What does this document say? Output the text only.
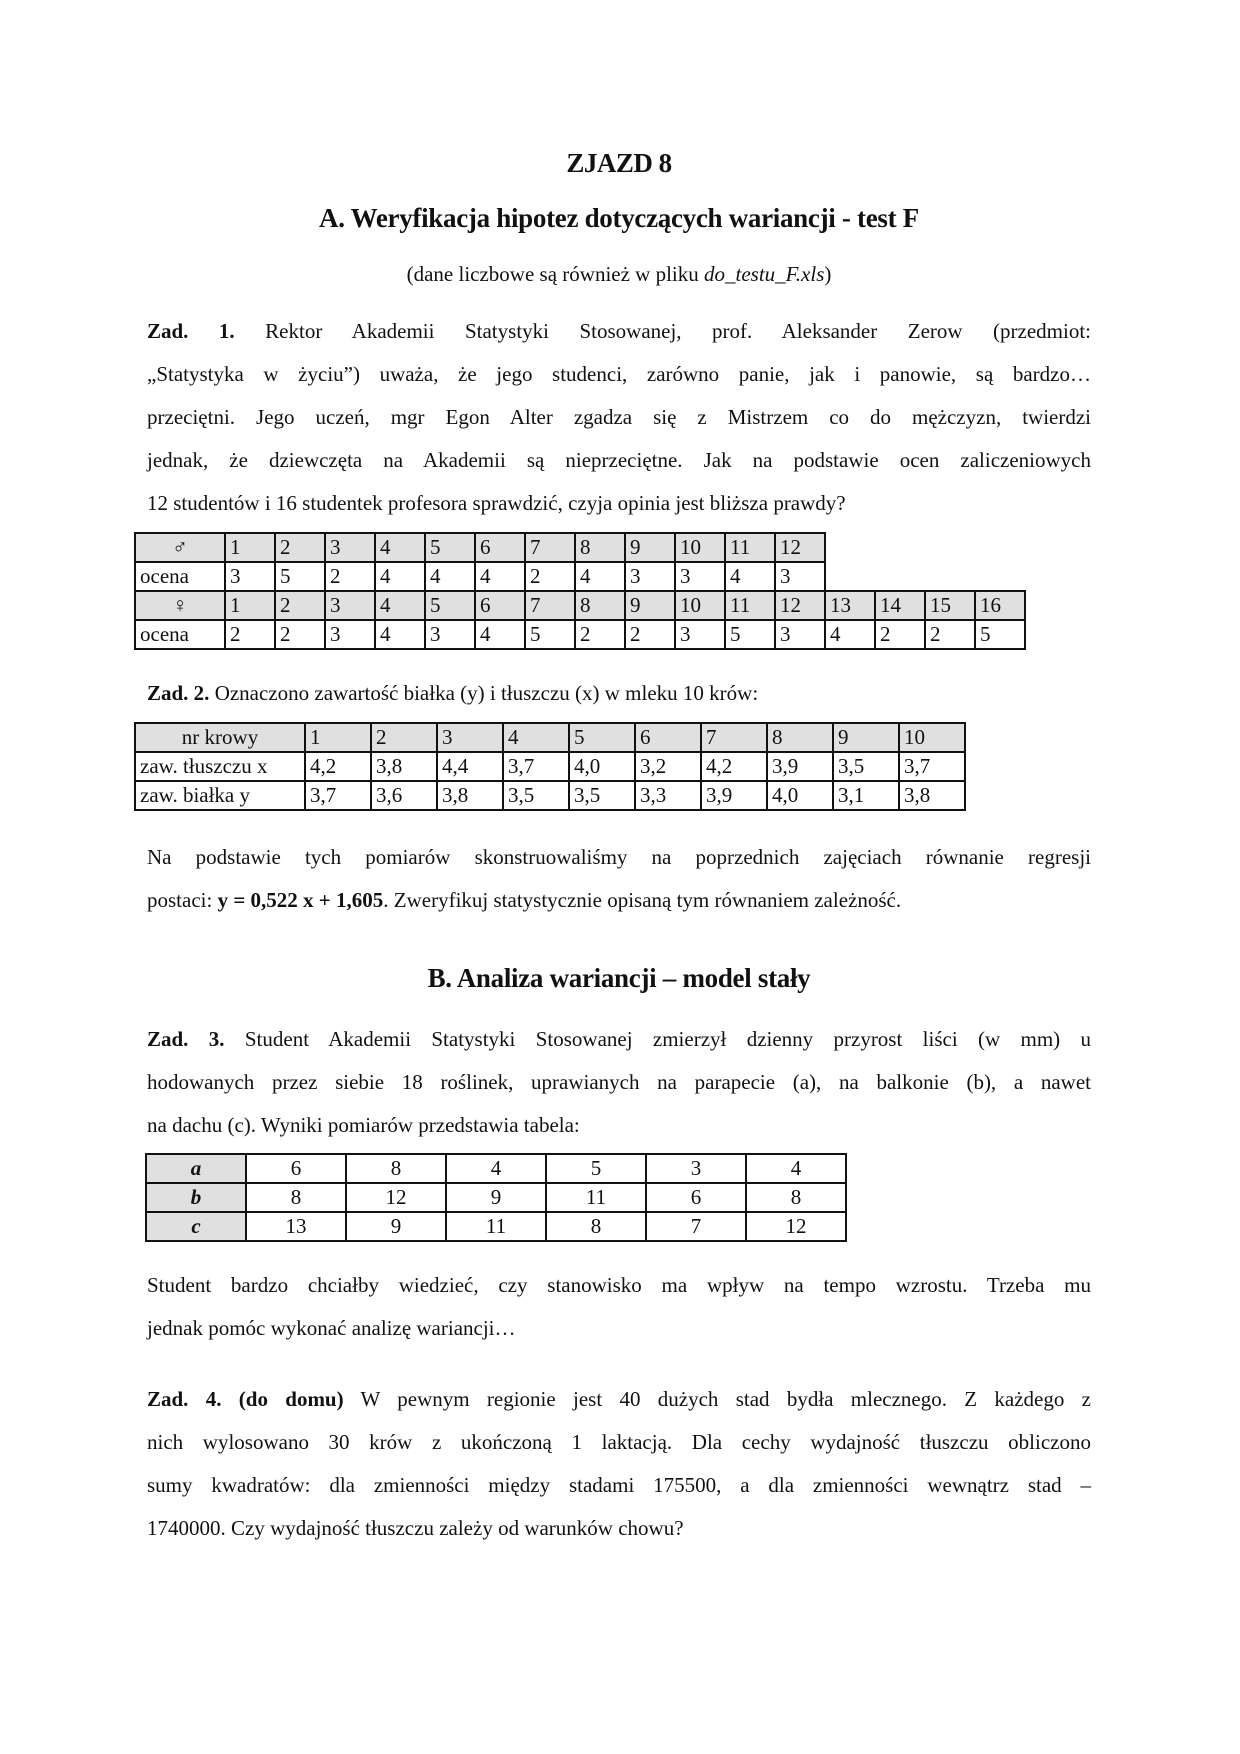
ZJAZD 8
A. Weryfikacja hipotez dotyczących wariancji - test F
(dane liczbowe są również w pliku do_testu_F.xls)
Zad. 1. Rektor Akademii Statystyki Stosowanej, prof. Aleksander Zerow (przedmiot:
„Statystyka w życiu”) uważa, że jego studenci, zarówno panie, jak i panowie, są bardzo…
przeciętni. Jego uczeń, mgr Egon Alter zgadza się z Mistrzem co do mężczyzn, twierdzi
jednak, że dziewczęta na Akademii są nieprzeciętne. Jak na podstawie ocen zaliczeniowych
12 studentów i 16 studentek profesora sprawdzić, czyja opinia jest bliższa prawdy?
♂	1	2	3	4	5	6	7	8	9	10	11	12				
ocena	3	5	2	4	4	4	2	4	3	3	4	3				
♀	1	2	3	4	5	6	7	8	9	10	11	12	13	14	15	16
ocena	2	2	3	4	3	4	5	2	2	3	5	3	4	2	2	5
Zad. 2. Oznaczono zawartość białka (y) i tłuszczu (x) w mleku 10 krów:
nr krowy	1	2	3	4	5	6	7	8	9	10
zaw. tłuszczu x	4,2	3,8	4,4	3,7	4,0	3,2	4,2	3,9	3,5	3,7
zaw. białka y	3,7	3,6	3,8	3,5	3,5	3,3	3,9	4,0	3,1	3,8
Na podstawie tych pomiarów skonstruowaliśmy na poprzednich zajęciach równanie regresji
postaci: y = 0,522 x + 1,605. Zweryfikuj statystycznie opisaną tym równaniem zależność.
B. Analiza wariancji – model stały
Zad. 3. Student Akademii Statystyki Stosowanej zmierzył dzienny przyrost liści (w mm) u
hodowanych przez siebie 18 roślinek, uprawianych na parapecie (a), na balkonie (b), a nawet
na dachu (c). Wyniki pomiarów przedstawia tabela:
a	6	8	4	5	3	4
b	8	12	9	11	6	8
c	13	9	11	8	7	12
Student bardzo chciałby wiedzieć, czy stanowisko ma wpływ na tempo wzrostu. Trzeba mu
jednak pomóc wykonać analizę wariancji…
Zad. 4. (do domu) W pewnym regionie jest 40 dużych stad bydła mlecznego. Z każdego z
nich wylosowano 30 krów z ukończoną 1 laktacją. Dla cechy wydajność tłuszczu obliczono
sumy kwadratów: dla zmienności między stadami 175500, a dla zmienności wewnątrz stad –
1740000. Czy wydajność tłuszczu zależy od warunków chowu?
